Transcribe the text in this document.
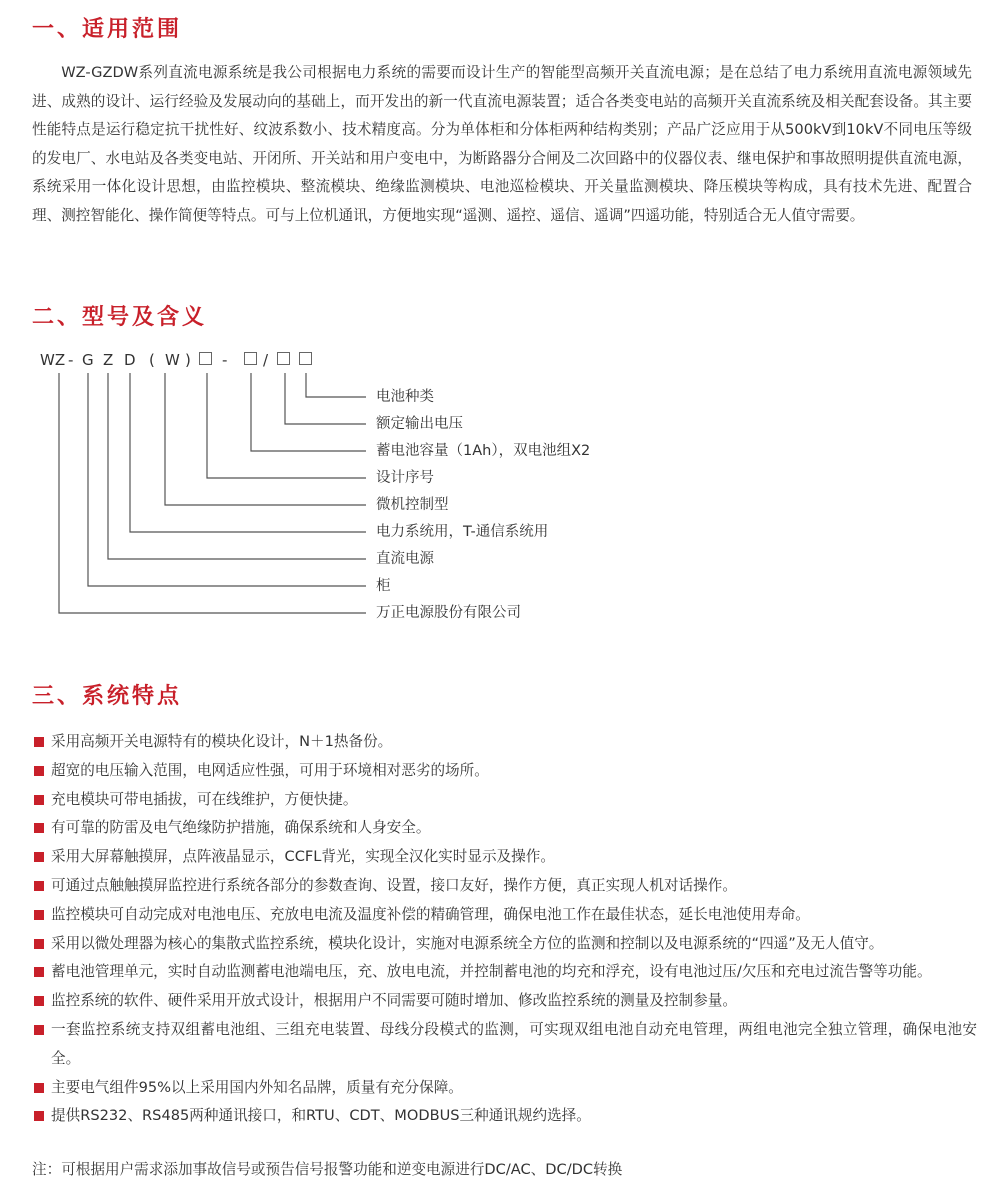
一、适用范围

WZ-GZDW系列直流电源系统是我公司根据电力系统的需要而设计生产的智能型高频开关直流电源；是在总结了电力系统用直流电源领域先进、成熟的设计、运行经验及发展动向的基础上，而开发出的新一代直流电源装置；适合各类变电站的高频开关直流系统及相关配套设备。其主要性能特点是运行稳定抗干扰性好、纹波系数小、技术精度高。分为单体柜和分体柜两种结构类别；产品广泛应用于从500kV到10kV不同电压等级的发电厂、水电站及各类变电站、开闭所、开关站和用户变电中，为断路器分合闸及二次回路中的仪器仪表、继电保护和事故照明提供直流电源，系统采用一体化设计思想，由监控模块、整流模块、绝缘监测模块、电池巡检模块、开关量监测模块、降压模块等构成，具有技术先进、配置合理、测控智能化、操作简便等特点。可与上位机通讯，方便地实现“遥测、遥控、遥信、遥调”四遥功能，特别适合无人值守需要。

二、型号及含义
WZ - G Z D ( W ) - /
电池种类
额定输出电压
蓄电池容量（1Ah），双电池组X2
设计序号
微机控制型
电力系统用，T-通信系统用
直流电源
柜
万正电源股份有限公司
三、系统特点
采用高频开关电源特有的模块化设计，N＋1热备份。
超宽的电压输入范围，电网适应性强，可用于环境相对恶劣的场所。
充电模块可带电插拔，可在线维护，方便快捷。
有可靠的防雷及电气绝缘防护措施，确保系统和人身安全。
采用大屏幕触摸屏，点阵液晶显示，CCFL背光，实现全汉化实时显示及操作。
可通过点触触摸屏监控进行系统各部分的参数查询、设置，接口友好，操作方便，真正实现人机对话操作。
监控模块可自动完成对电池电压、充放电电流及温度补偿的精确管理，确保电池工作在最佳状态，延长电池使用寿命。
采用以微处理器为核心的集散式监控系统，模块化设计，实施对电源系统全方位的监测和控制以及电源系统的“四遥”及无人值守。
蓄电池管理单元，实时自动监测蓄电池端电压，充、放电电流，并控制蓄电池的均充和浮充，设有电池过压/欠压和充电过流告警等功能。
监控系统的软件、硬件采用开放式设计，根据用户不同需要可随时增加、修改监控系统的测量及控制参量。
一套监控系统支持双组蓄电池组、三组充电装置、母线分段模式的监测，可实现双组电池自动充电管理，两组电池完全独立管理，确保电池安全。
主要电气组件95%以上采用国内外知名品牌，质量有充分保障。
提供RS232、RS485两种通讯接口，和RTU、CDT、MODBUS三种通讯规约选择。

注：可根据用户需求添加事故信号或预告信号报警功能和逆变电源进行DC/AC、DC/DC转换
